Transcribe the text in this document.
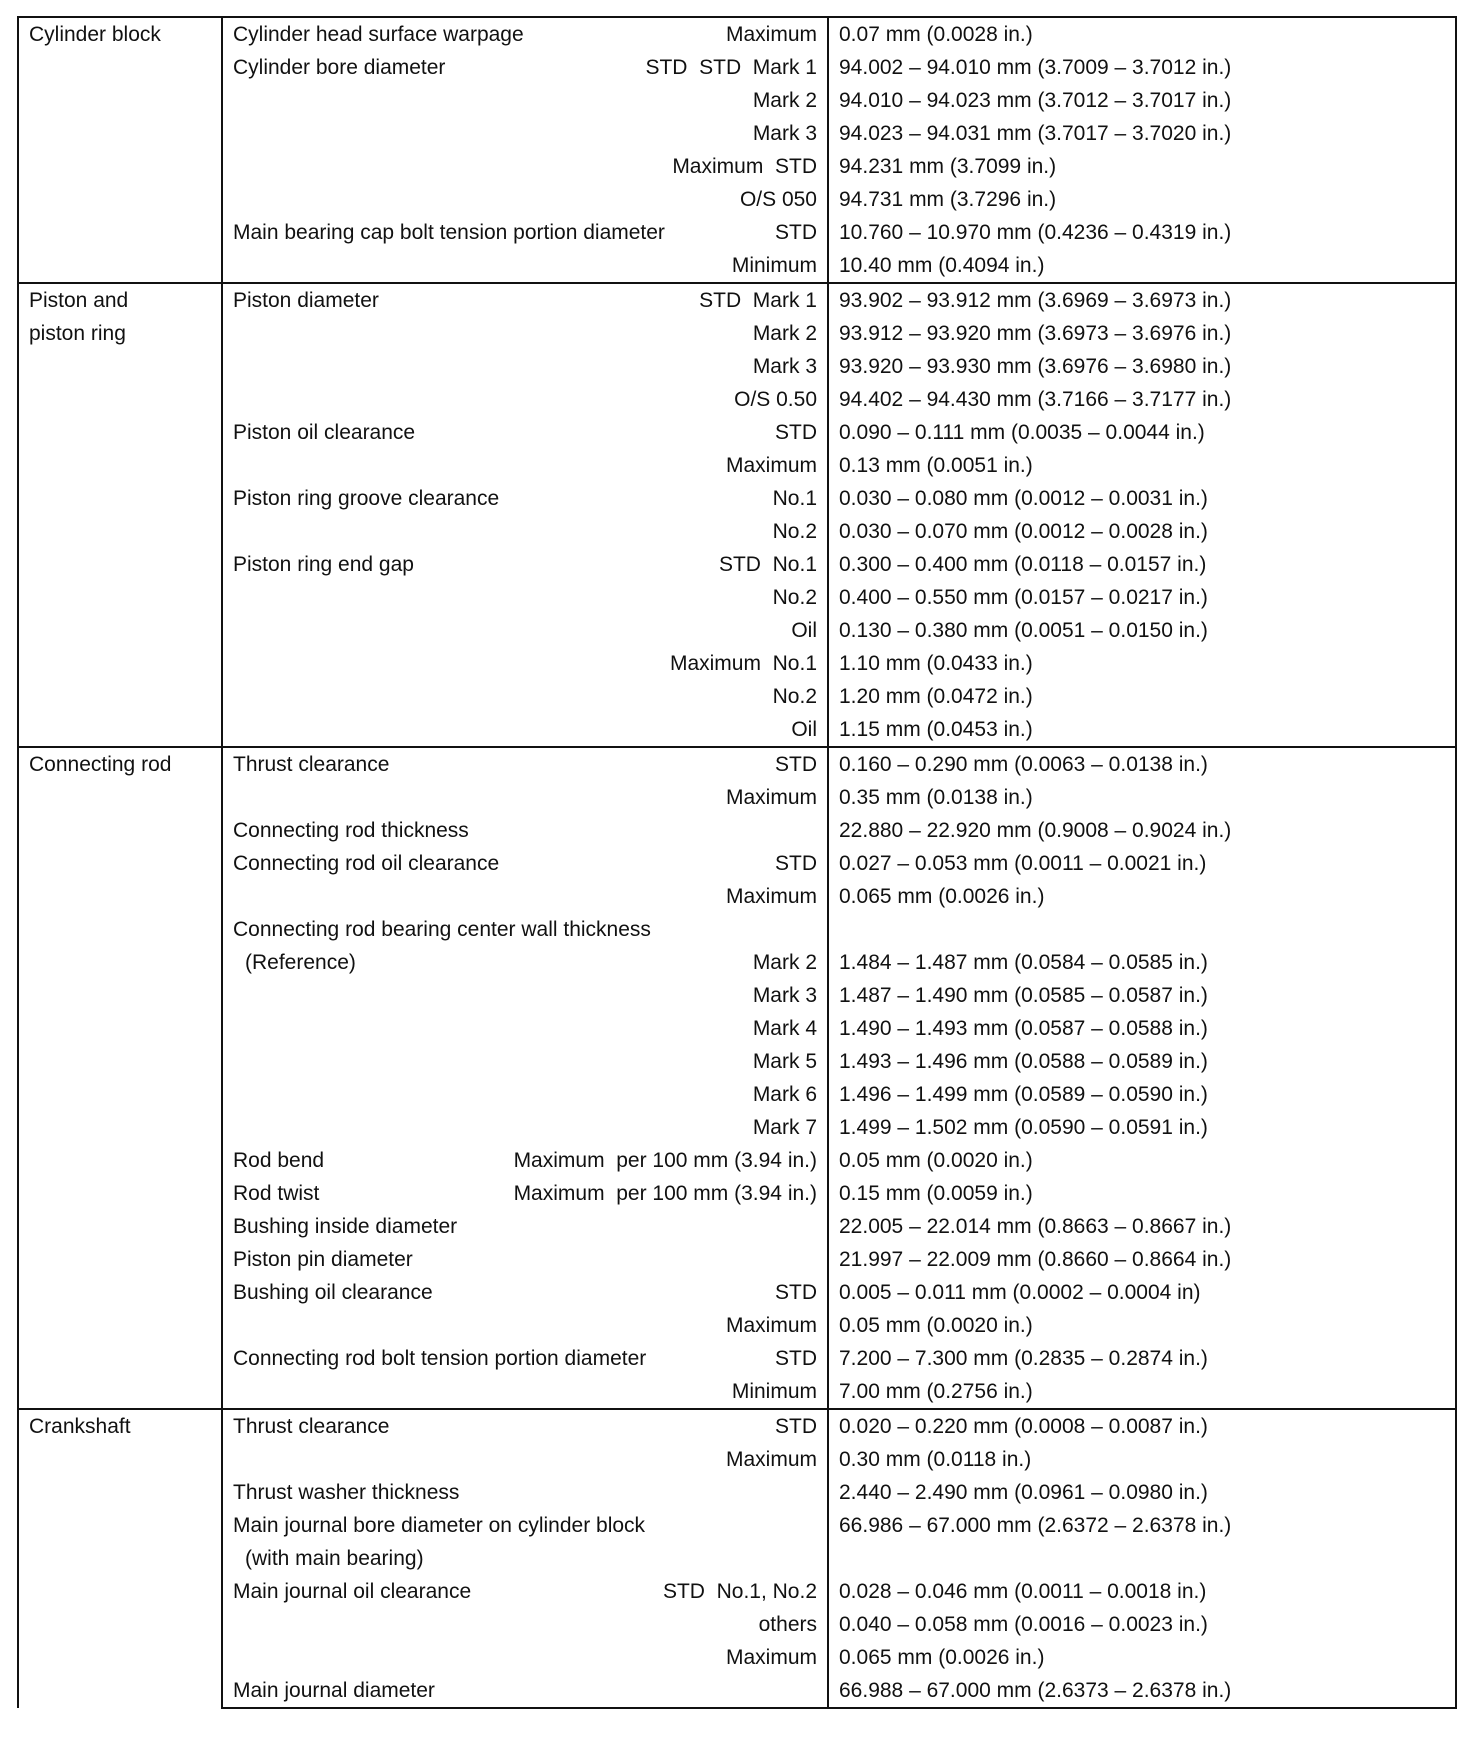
Cylinder block	Cylinder head surface warpage Maximum	0.07 mm (0.0028 in.)

	Cylinder bore diameter STD  STD  Mark 1	94.002 – 94.010 mm (3.7009 – 3.7012 in.)

	Mark 2	94.010 – 94.023 mm (3.7012 – 3.7017 in.)

	Mark 3	94.023 – 94.031 mm (3.7017 – 3.7020 in.)

	Maximum  STD	94.231 mm (3.7099 in.)

	O/S 050	94.731 mm (3.7296 in.)

	Main bearing cap bolt tension portion diameter STD	10.760 – 10.970 mm (0.4236 – 0.4319 in.)

	Minimum	10.40 mm (0.4094 in.)

Piston and
piston ring	Piston diameter STD  Mark 1	93.902 – 93.912 mm (3.6969 – 3.6973 in.)

	Mark 2	93.912 – 93.920 mm (3.6973 – 3.6976 in.)

	Mark 3	93.920 – 93.930 mm (3.6976 – 3.6980 in.)

	O/S 0.50	94.402 – 94.430 mm (3.7166 – 3.7177 in.)

	Piston oil clearance STD	0.090 – 0.111 mm (0.0035 – 0.0044 in.)

	Maximum	0.13 mm (0.0051 in.)

	Piston ring groove clearance No.1	0.030 – 0.080 mm (0.0012 – 0.0031 in.)

	No.2	0.030 – 0.070 mm (0.0012 – 0.0028 in.)

	Piston ring end gap STD  No.1	0.300 – 0.400 mm (0.0118 – 0.0157 in.)

	No.2	0.400 – 0.550 mm (0.0157 – 0.0217 in.)

	Oil	0.130 – 0.380 mm (0.0051 – 0.0150 in.)

	Maximum  No.1	1.10 mm (0.0433 in.)

	No.2	1.20 mm (0.0472 in.)

	Oil	1.15 mm (0.0453 in.)

Connecting rod	Thrust clearance STD	0.160 – 0.290 mm (0.0063 – 0.0138 in.)

	Maximum	0.35 mm (0.0138 in.)

	Connecting rod thickness	22.880 – 22.920 mm (0.9008 – 0.9024 in.)

	Connecting rod oil clearance STD	0.027 – 0.053 mm (0.0011 – 0.0021 in.)

	Maximum	0.065 mm (0.0026 in.)

	Connecting rod bearing center wall thickness	

	(Reference) Mark 2	1.484 – 1.487 mm (0.0584 – 0.0585 in.)

	Mark 3	1.487 – 1.490 mm (0.0585 – 0.0587 in.)

	Mark 4	1.490 – 1.493 mm (0.0587 – 0.0588 in.)

	Mark 5	1.493 – 1.496 mm (0.0588 – 0.0589 in.)

	Mark 6	1.496 – 1.499 mm (0.0589 – 0.0590 in.)

	Mark 7	1.499 – 1.502 mm (0.0590 – 0.0591 in.)

	Rod bend Maximum  per 100 mm (3.94 in.)	0.05 mm (0.0020 in.)

	Rod twist Maximum  per 100 mm (3.94 in.)	0.15 mm (0.0059 in.)

	Bushing inside diameter	22.005 – 22.014 mm (0.8663 – 0.8667 in.)

	Piston pin diameter	21.997 – 22.009 mm (0.8660 – 0.8664 in.)

	Bushing oil clearance STD	0.005 – 0.011 mm (0.0002 – 0.0004 in)

	Maximum	0.05 mm (0.0020 in.)

	Connecting rod bolt tension portion diameter STD	7.200 – 7.300 mm (0.2835 – 0.2874 in.)

	Minimum	7.00 mm (0.2756 in.)

Crankshaft	Thrust clearance STD	0.020 – 0.220 mm (0.0008 – 0.0087 in.)

	Maximum	0.30 mm (0.0118 in.)

	Thrust washer thickness	2.440 – 2.490 mm (0.0961 – 0.0980 in.)

	Main journal bore diameter on cylinder block	66.986 – 67.000 mm (2.6372 – 2.6378 in.)

	(with main bearing)	

	Main journal oil clearance STD  No.1, No.2	0.028 – 0.046 mm (0.0011 – 0.0018 in.)

	others	0.040 – 0.058 mm (0.0016 – 0.0023 in.)

	Maximum	0.065 mm (0.0026 in.)

	Main journal diameter	66.988 – 67.000 mm (2.6373 – 2.6378 in.)
